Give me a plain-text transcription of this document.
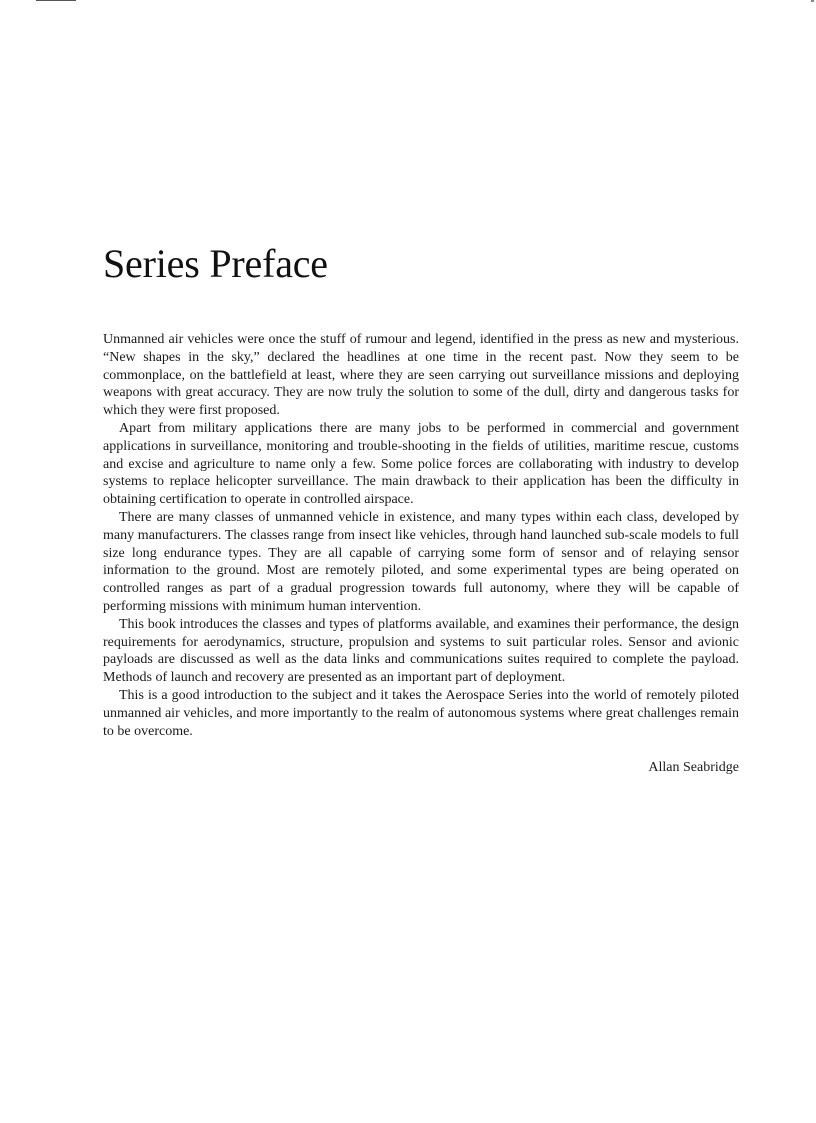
Series Preface

Unmanned air vehicles were once the stuff of rumour and legend, identified in the press as new and mysterious. “New shapes in the sky,” declared the headlines at one time in the recent past. Now they seem to be commonplace, on the battlefield at least, where they are seen carrying out surveillance missions and deploying weapons with great accuracy. They are now truly the solution to some of the dull, dirty and dangerous tasks for which they were first proposed.

Apart from military applications there are many jobs to be performed in commercial and government applications in surveillance, monitoring and trouble-shooting in the fields of utilities, maritime rescue, customs and excise and agriculture to name only a few. Some police forces are collaborating with industry to develop systems to replace helicopter surveillance. The main drawback to their application has been the difficulty in obtaining certification to operate in controlled airspace.

There are many classes of unmanned vehicle in existence, and many types within each class, developed by many manufacturers. The classes range from insect like vehicles, through hand launched sub-scale models to full size long endurance types. They are all capable of carrying some form of sensor and of relaying sensor information to the ground. Most are remotely piloted, and some experimental types are being operated on controlled ranges as part of a gradual progression towards full autonomy, where they will be capable of performing missions with minimum human intervention.

This book introduces the classes and types of platforms available, and examines their performance, the design requirements for aerodynamics, structure, propulsion and systems to suit particular roles. Sensor and avionic payloads are discussed as well as the data links and communications suites required to complete the payload. Methods of launch and recovery are presented as an important part of deployment.

This is a good introduction to the subject and it takes the Aerospace Series into the world of remotely piloted unmanned air vehicles, and more importantly to the realm of autonomous systems where great challenges remain to be overcome.

Allan Seabridge
